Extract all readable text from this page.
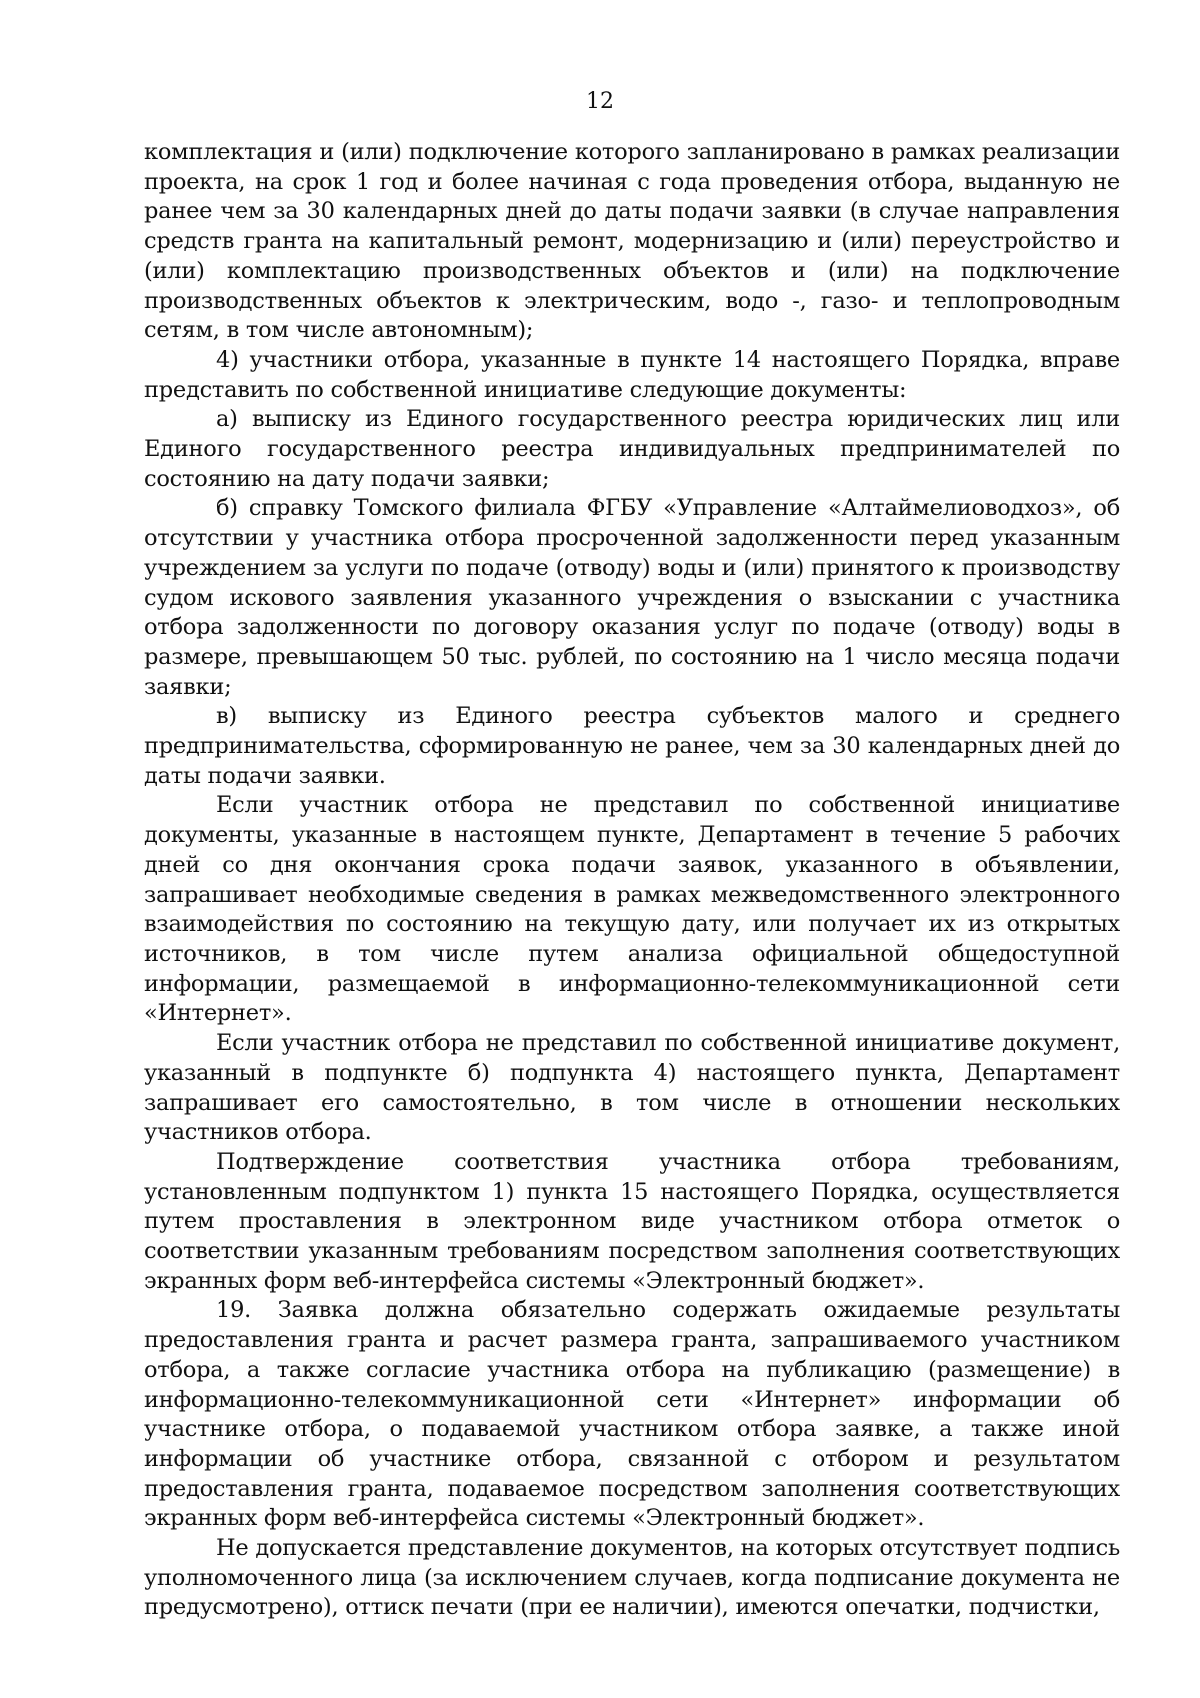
12

комплектация и (или) подключение которого запланировано в рамках реализации проекта, на срок 1 год и более начиная с года проведения отбора, выданную не ранее чем за 30 календарных дней до даты подачи заявки (в случае направления средств гранта на капитальный ремонт, модернизацию и (или) переустройство и (или) комплектацию производственных объектов и (или) на подключение производственных объектов к электрическим, водо -, газо- и теплопроводным сетям, в том числе автономным);

4) участники отбора, указанные в пункте 14 настоящего Порядка, вправе представить по собственной инициативе следующие документы:

а) выписку из Единого государственного реестра юридических лиц или Единого государственного реестра индивидуальных предпринимателей по состоянию на дату подачи заявки;

б) справку Томского филиала ФГБУ «Управление «Алтаймелиоводхоз», об отсутствии у участника отбора просроченной задолженности перед указанным учреждением за услуги по подаче (отводу) воды и (или) принятого к производству судом искового заявления указанного учреждения о взыскании с участника отбора задолженности по договору оказания услуг по подаче (отводу) воды в размере, превышающем 50 тыс. рублей, по состоянию на 1 число месяца подачи заявки;

в) выписку из Единого реестра субъектов малого и среднего предпринимательства, сформированную не ранее, чем за 30 календарных дней до даты подачи заявки.

Если участник отбора не представил по собственной инициативе документы, указанные в настоящем пункте, Департамент в течение 5 рабочих дней со дня окончания срока подачи заявок, указанного в объявлении, запрашивает необходимые сведения в рамках межведомственного электронного взаимодействия по состоянию на текущую дату, или получает их из открытых источников, в том числе путем анализа официальной общедоступной информации, размещаемой в информационно-телекоммуникационной сети «Интернет».

Если участник отбора не представил по собственной инициативе документ, указанный в подпункте б) подпункта 4) настоящего пункта, Департамент запрашивает его самостоятельно, в том числе в отношении нескольких участников отбора.

Подтверждение соответствия участника отбора требованиям, установленным подпунктом 1) пункта 15 настоящего Порядка, осуществляется путем проставления в электронном виде участником отбора отметок о соответствии указанным требованиям посредством заполнения соответствующих экранных форм веб-интерфейса системы «Электронный бюджет».

19. Заявка должна обязательно содержать ожидаемые результаты предоставления гранта и расчет размера гранта, запрашиваемого участником отбора, а также согласие участника отбора на публикацию (размещение) в информационно-телекоммуникационной сети «Интернет» информации об участнике отбора, о подаваемой участником отбора заявке, а также иной информации об участнике отбора, связанной с отбором и результатом предоставления гранта, подаваемое посредством заполнения соответствующих экранных форм веб-интерфейса системы «Электронный бюджет».

Не допускается представление документов, на которых отсутствует подпись уполномоченного лица (за исключением случаев, когда подписание документа не предусмотрено), оттиск печати (при ее наличии), имеются опечатки, подчистки,
